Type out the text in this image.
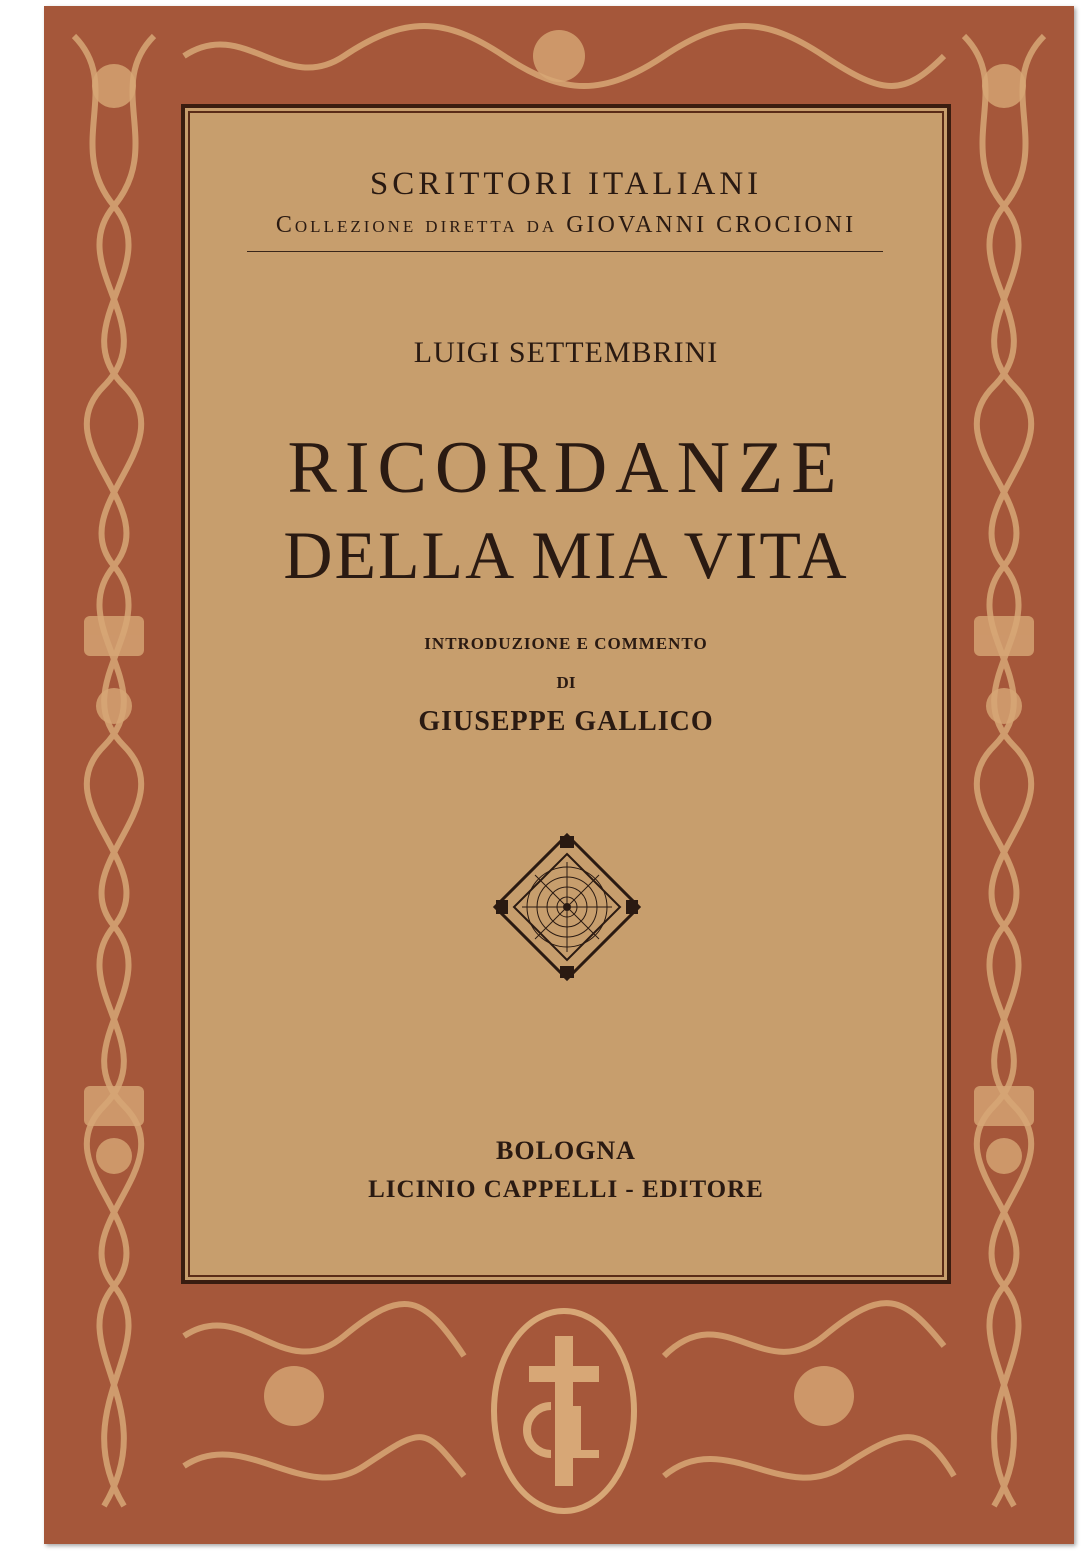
SCRITTORI ITALIANI
Collezione diretta da GIOVANNI CROCIONI
LUIGI SETTEMBRINI
RICORDANZE
DELLA MIA VITA
INTRODUZIONE E COMMENTO
DI
GIUSEPPE GALLICO
BOLOGNA
LICINIO CAPPELLI - EDITORE
